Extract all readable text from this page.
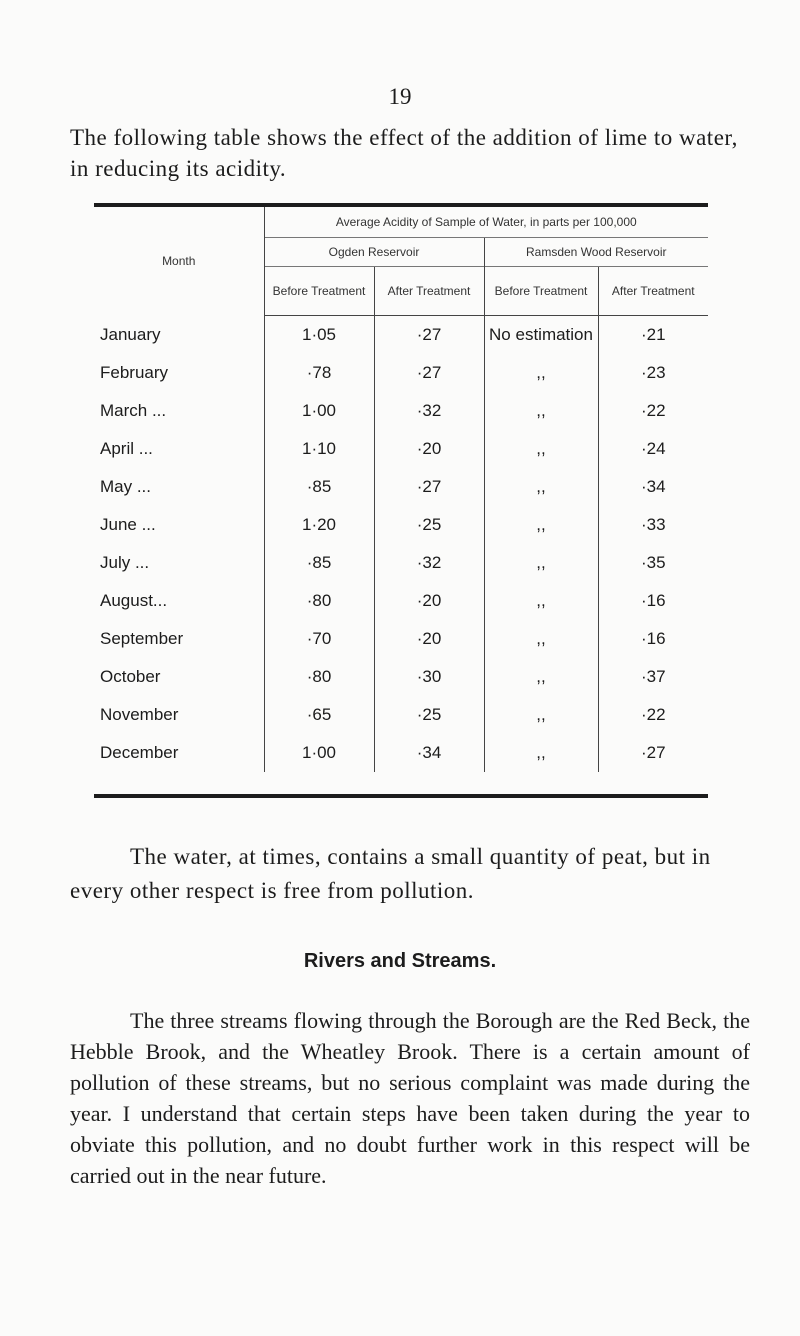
19
The following table shows the effect of the addition of lime to water, in reducing its acidity.
Month	Average Acidity of Sample of Water, in parts per 100,000			
	Ogden Reservoir		Ramsden Wood Reservoir	
	Before Treatment	After Treatment	Before Treatment	After Treatment
January	1·05	·27	No estimation	·21
February	·78	·27	,,	·23
March ...	1·00	·32	,,	·22
April ...	1·10	·20	,,	·24
May ...	·85	·27	,,	·34
June ...	1·20	·25	,,	·33
July ...	·85	·32	,,	·35
August...	·80	·20	,,	·16
September	·70	·20	,,	·16
October	·80	·30	,,	·37
November	·65	·25	,,	·22
December	1·00	·34	,,	·27
The water, at times, contains a small quantity of peat, but in every other respect is free from pollution.
Rivers and Streams.
The three streams flowing through the Borough are the Red Beck, the Hebble Brook, and the Wheatley Brook. There is a certain amount of pollution of these streams, but no serious complaint was made during the year. I understand that certain steps have been taken during the year to obviate this pollution, and no doubt further work in this respect will be carried out in the near future.
